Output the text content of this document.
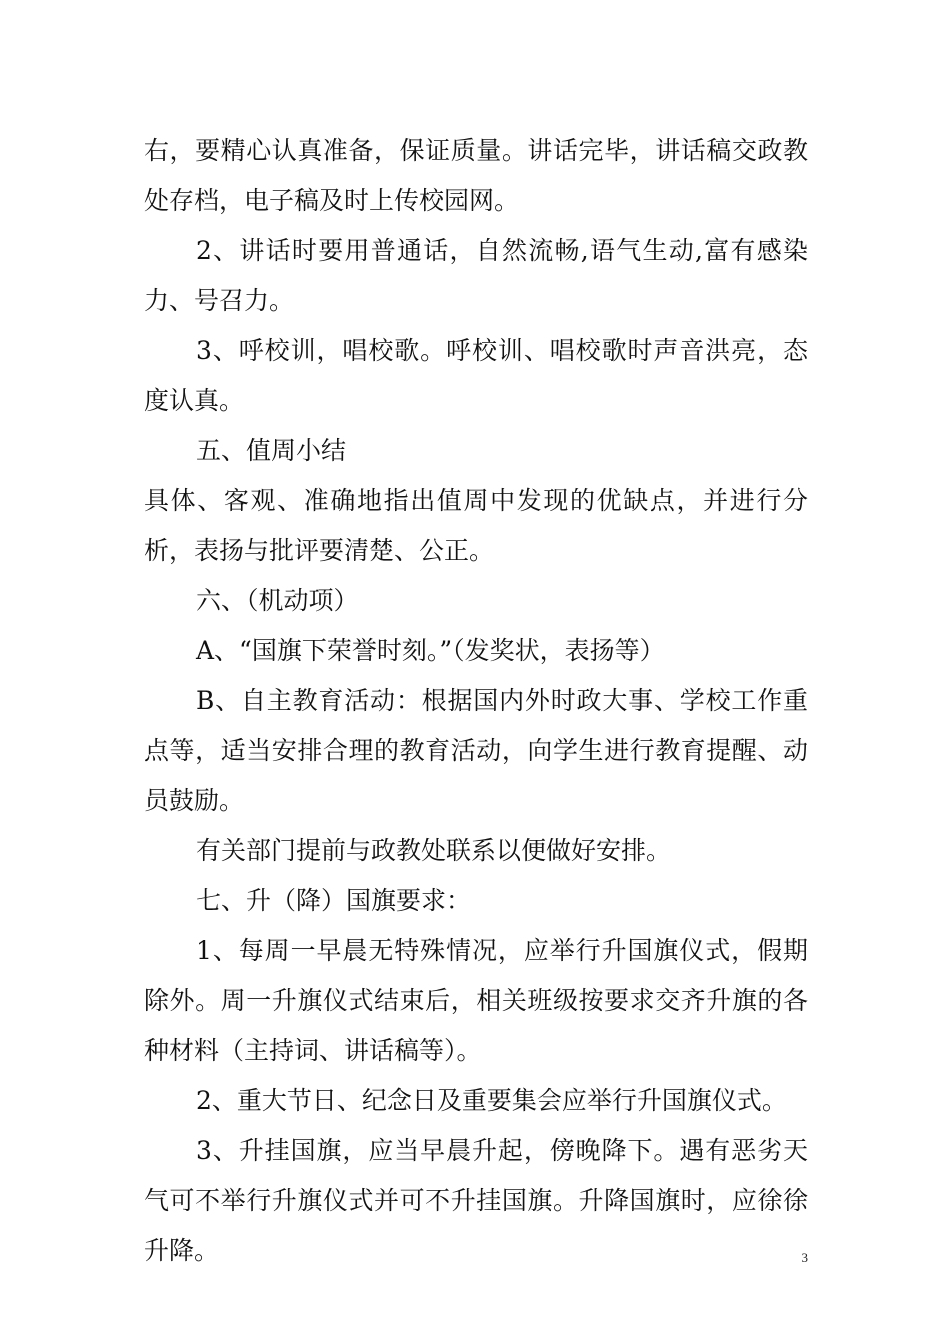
右，要精心认真准备，保证质量。讲话完毕，讲话稿交政教处存档，电子稿及时上传校园网。

2、讲话时要用普通话，自然流畅,语气生动,富有感染力、号召力。

3、呼校训，唱校歌。呼校训、唱校歌时声音洪亮，态度认真。

五、值周小结

具体、客观、准确地指出值周中发现的优缺点，并进行分析，表扬与批评要清楚、公正。

六、（机动项）

A、“国旗下荣誉时刻。”（发奖状，表扬等）

B、自主教育活动：根据国内外时政大事、学校工作重点等，适当安排合理的教育活动，向学生进行教育提醒、动员鼓励。

有关部门提前与政教处联系以便做好安排。

七、升（降）国旗要求：

1、每周一早晨无特殊情况，应举行升国旗仪式，假期除外。周一升旗仪式结束后，相关班级按要求交齐升旗的各种材料（主持词、讲话稿等）。

2、重大节日、纪念日及重要集会应举行升国旗仪式。

3、升挂国旗，应当早晨升起，傍晚降下。遇有恶劣天气可不举行升旗仪式并可不升挂国旗。升降国旗时，应徐徐升降。	3
